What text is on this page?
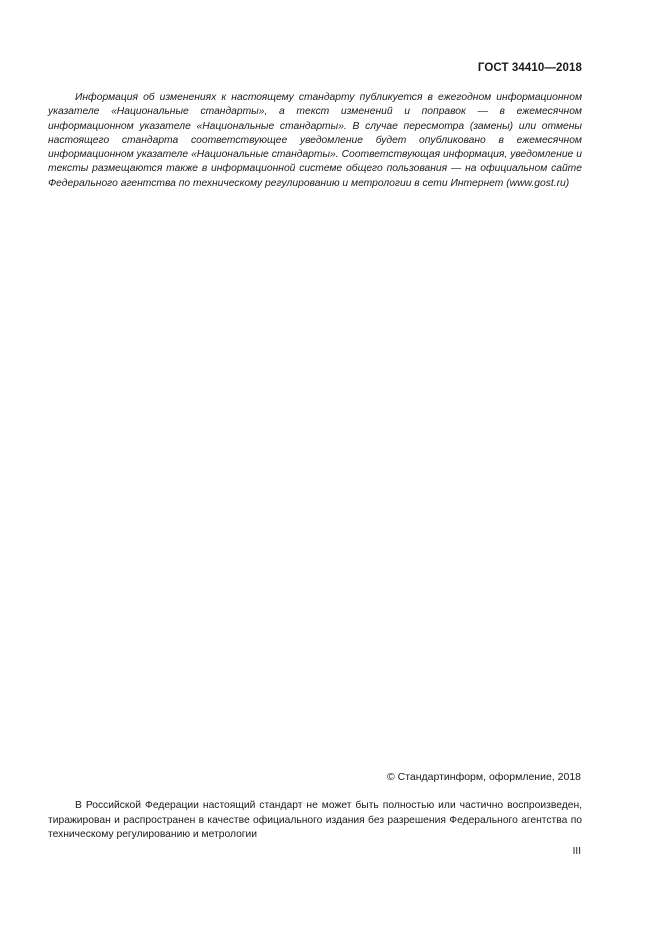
ГОСТ 34410—2018

Информация об изменениях к настоящему стандарту публикуется в ежегодном информационном указателе «Национальные стандарты», а текст изменений и поправок — в ежемесячном информационном указателе «Национальные стандарты». В случае пересмотра (замены) или отмены настоящего стандарта соответствующее уведомление будет опубликовано в ежемесячном информационном указателе «Национальные стандарты». Соответствующая информация, уведомление и тексты размещаются также в информационной системе общего пользования — на официальном сайте Федерального агентства по техническому регулированию и метрологии в сети Интернет (www.gost.ru)

© Стандартинформ, оформление, 2018

В Российской Федерации настоящий стандарт не может быть полностью или частично воспроизведен, тиражирован и распространен в качестве официального издания без разрешения Федерального агентства по техническому регулированию и метрологии

III
